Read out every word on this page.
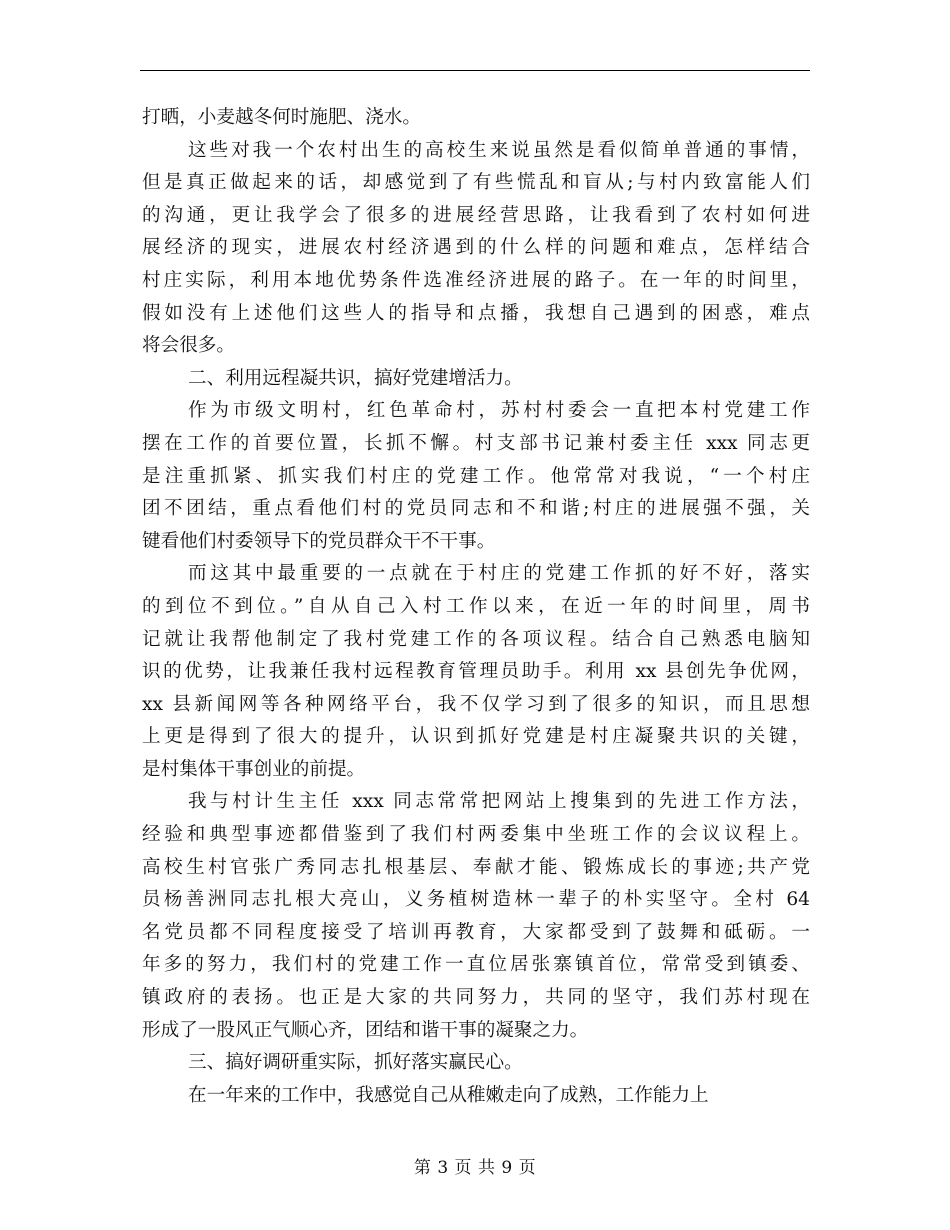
打晒，小麦越冬何时施肥、浇水。
这些对我一个农村出生的高校生来说虽然是看似简单普通的事情，
但是真正做起来的话，却感觉到了有些慌乱和盲从;与村内致富能人们
的沟通，更让我学会了很多的进展经营思路，让我看到了农村如何进
展经济的现实，进展农村经济遇到的什么样的问题和难点，怎样结合
村庄实际，利用本地优势条件选准经济进展的路子。在一年的时间里，
假如没有上述他们这些人的指导和点播，我想自己遇到的困惑，难点
将会很多。
二、利用远程凝共识，搞好党建增活力。
作为市级文明村，红色革命村，苏村村委会一直把本村党建工作
摆在工作的首要位置，长抓不懈。村支部书记兼村委主任 xxx 同志更
是注重抓紧、抓实我们村庄的党建工作。他常常对我说，“一个村庄
团不团结，重点看他们村的党员同志和不和谐;村庄的进展强不强，关
键看他们村委领导下的党员群众干不干事。
而这其中最重要的一点就在于村庄的党建工作抓的好不好，落实
的到位不到位。”自从自己入村工作以来，在近一年的时间里，周书
记就让我帮他制定了我村党建工作的各项议程。结合自己熟悉电脑知
识的优势，让我兼任我村远程教育管理员助手。利用 xx 县创先争优网，
xx 县新闻网等各种网络平台，我不仅学习到了很多的知识，而且思想
上更是得到了很大的提升，认识到抓好党建是村庄凝聚共识的关键，
是村集体干事创业的前提。
我与村计生主任 xxx 同志常常把网站上搜集到的先进工作方法，
经验和典型事迹都借鉴到了我们村两委集中坐班工作的会议议程上。
高校生村官张广秀同志扎根基层、奉献才能、锻炼成长的事迹;共产党
员杨善洲同志扎根大亮山，义务植树造林一辈子的朴实坚守。全村 64
名党员都不同程度接受了培训再教育，大家都受到了鼓舞和砥砺。一
年多的努力，我们村的党建工作一直位居张寨镇首位，常常受到镇委、
镇政府的表扬。也正是大家的共同努力，共同的坚守，我们苏村现在
形成了一股风正气顺心齐，团结和谐干事的凝聚之力。
三、搞好调研重实际，抓好落实赢民心。
在一年来的工作中，我感觉自己从稚嫩走向了成熟，工作能力上
第 3 页 共 9 页
